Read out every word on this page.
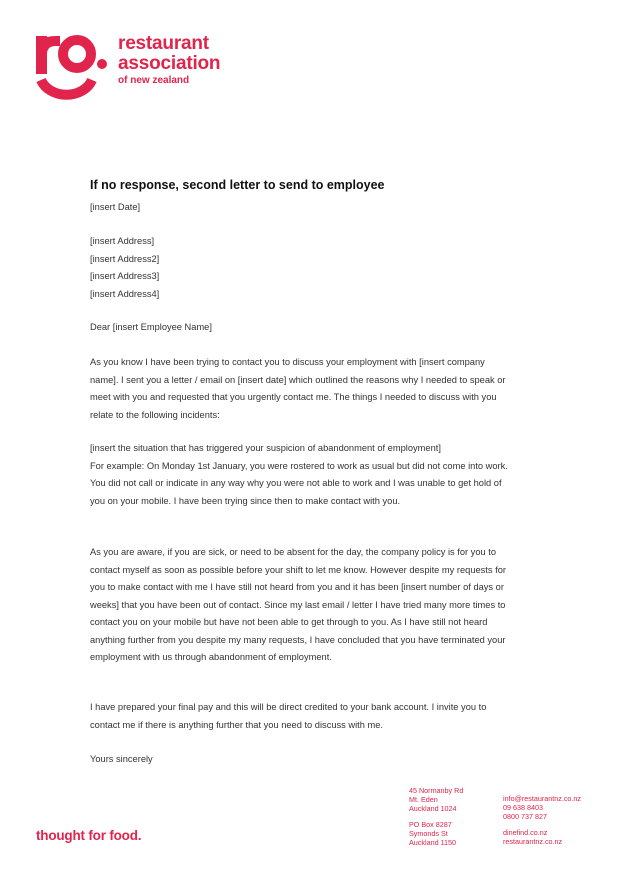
restaurant
association
of new zealand
If no response, second letter to send to employee

[insert Date]

[insert Address]

[insert Address2]

[insert Address3]

[insert Address4]

Dear [insert Employee Name]

As you know I have been trying to contact you to discuss your employment with [insert company name]. I sent you a letter / email on [insert date] which outlined the reasons why I needed to speak or meet with you and requested that you urgently contact me. The things I needed to discuss with you relate to the following incidents:

[insert the situation that has triggered your suspicion of abandonment of employment]

For example: On Monday 1st January, you were rostered to work as usual but did not come into work. You did not call or indicate in any way why you were not able to work and I was unable to get hold of you on your mobile. I have been trying since then to make contact with you.

As you are aware, if you are sick, or need to be absent for the day, the company policy is for you to contact myself as soon as possible before your shift to let me know. However despite my requests for you to make contact with me I have still not heard from you and it has been [insert number of days or weeks] that you have been out of contact. Since my last email / letter I have tried many more times to contact you on your mobile but have not been able to get through to you. As I have still not heard anything further from you despite my many requests, I have concluded that you have terminated your employment with us through abandonment of employment.

I have prepared your final pay and this will be direct credited to your bank account. I invite you to contact me if there is anything further that you need to discuss with me.

Yours sincerely

thought for food.
45 Normanby Rd
Mt. Eden
Auckland 1024
PO Box 8287
Symonds St
Auckland 1150
info@restaurantnz.co.nz
09 638 8403
0800 737 827
dinefind.co.nz
restaurantnz.co.nz
